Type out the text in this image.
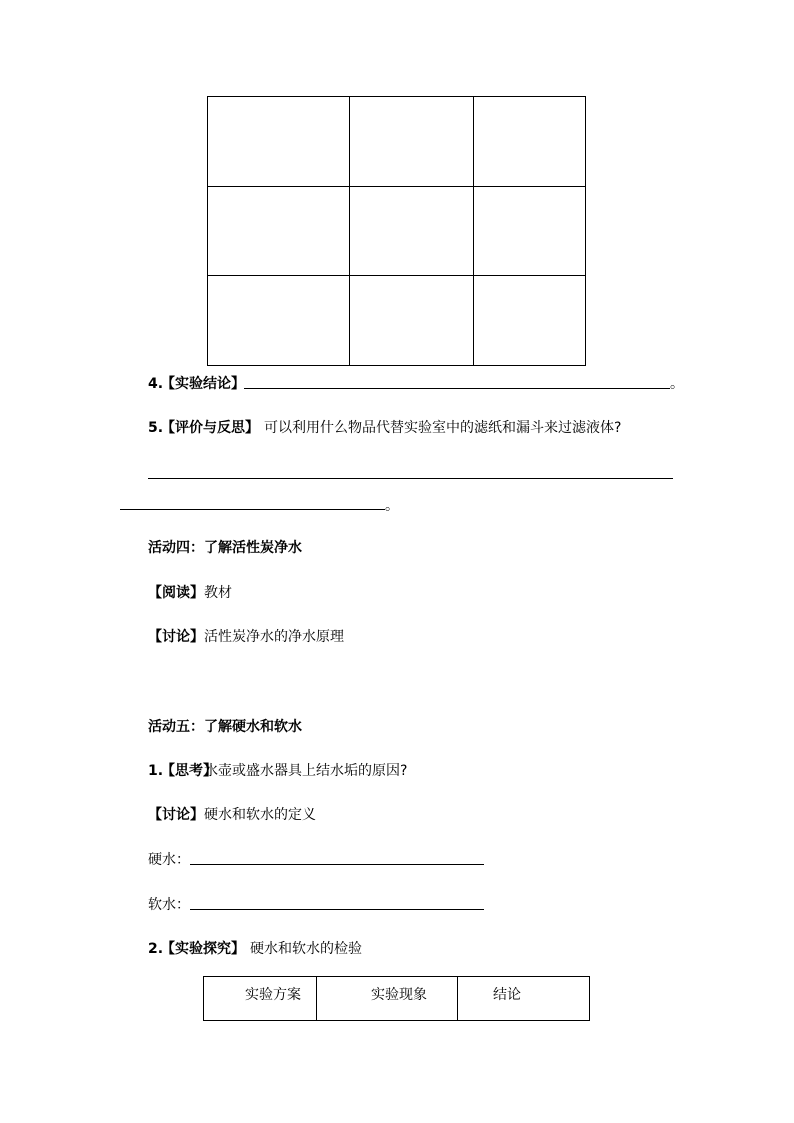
4.
【实验结论】	。
5.
【评价与反思】 可以利用什么物品代替实验室中的滤纸和漏斗来过滤液体?
。
活动四：了解活性炭净水
【阅读】 教材
【讨论】 活性炭净水的净水原理
活动五：了解硬水和软水
1.
【思考】
水壶或盛水器具上结水垢的原因?
【讨论】 硬水和软水的定义
硬水：
软水：
2.
【实验探究】 硬水和软水的检验
实验方案	实验现象	结论
